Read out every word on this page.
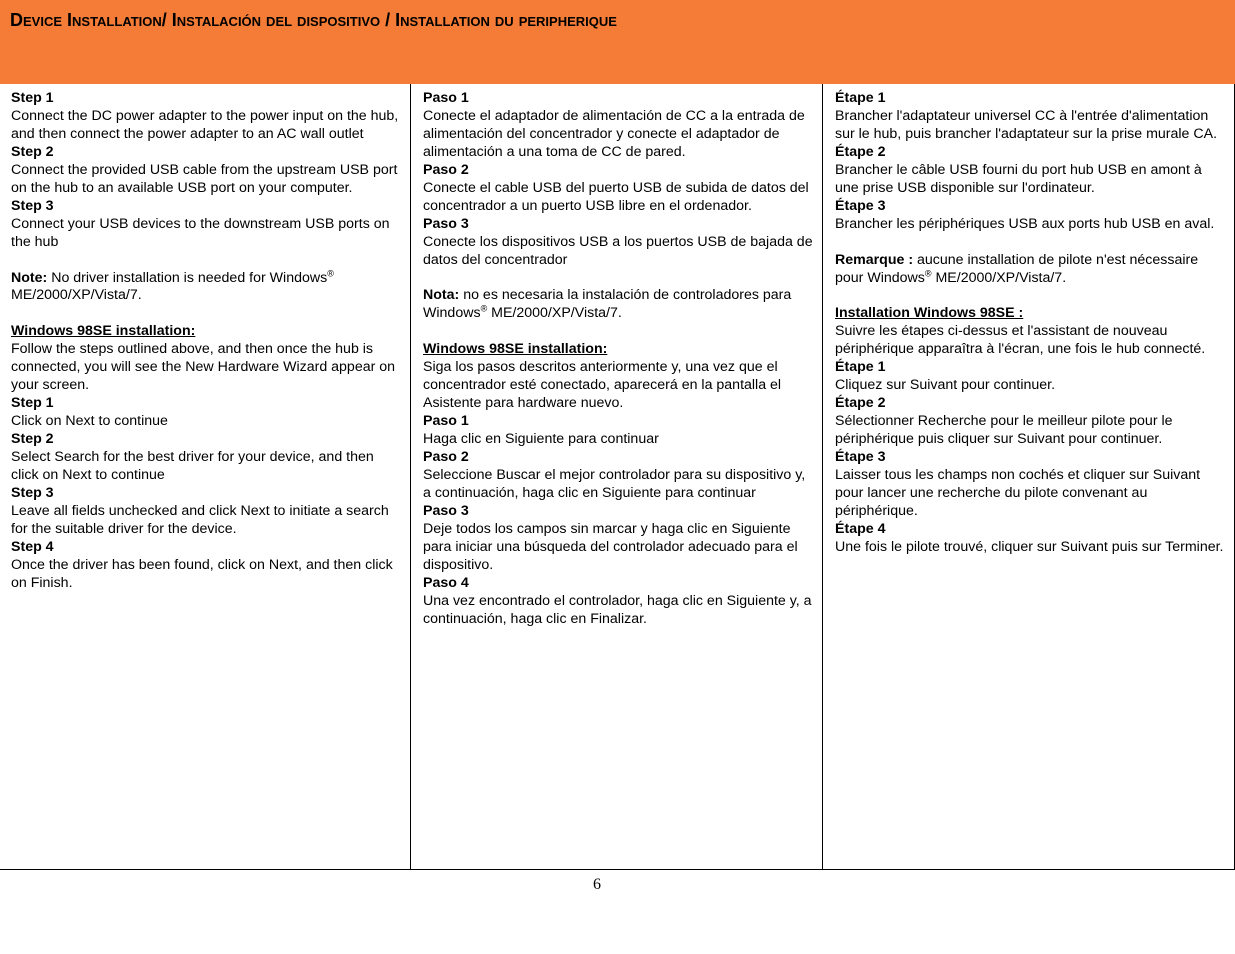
Device Installation/ Instalación del dispositivo / Installation du peripherique
Step 1
Connect the DC power adapter to the power input on the hub, and then connect the power adapter to an AC wall outlet
Step 2
Connect the provided USB cable from the upstream USB port on the hub to an available USB port on your computer.
Step 3
Connect your USB devices to the downstream USB ports on the hub
Note: No driver installation is needed for Windows®
ME/2000/XP/Vista/7.
Windows 98SE installation:
Follow the steps outlined above, and then once the hub is connected, you will see the New Hardware Wizard appear on your screen.
Step 1
Click on Next to continue
Step 2
Select Search for the best driver for your device, and then click on Next to continue
Step 3
Leave all fields unchecked and click Next to initiate a search for the suitable driver for the device.
Step 4
Once the driver has been found, click on Next, and then click on Finish.
Paso 1
Conecte el adaptador de alimentación de CC a la entrada de alimentación del concentrador y conecte el adaptador de alimentación a una toma de CC de pared.
Paso 2
Conecte el cable USB del puerto USB de subida de datos del concentrador a un puerto USB libre en el ordenador.
Paso 3
Conecte los dispositivos USB a los puertos USB de bajada de datos del concentrador
Nota: no es necesaria la instalación de controladores para Windows® ME/2000/XP/Vista/7.
Windows 98SE installation:
Siga los pasos descritos anteriormente y, una vez que el concentrador esté conectado, aparecerá en la pantalla el Asistente para hardware nuevo.
Paso 1
Haga clic en Siguiente para continuar
Paso 2
Seleccione Buscar el mejor controlador para su dispositivo y, a continuación, haga clic en Siguiente para continuar
Paso 3
Deje todos los campos sin marcar y haga clic en Siguiente para iniciar una búsqueda del controlador adecuado para el dispositivo.
Paso 4
Una vez encontrado el controlador, haga clic en Siguiente y, a continuación, haga clic en Finalizar.
Étape 1
Brancher l'adaptateur universel CC à l'entrée d'alimentation sur le hub, puis brancher l'adaptateur sur la prise murale CA.
Étape 2
Brancher le câble USB fourni du port hub USB en amont à une prise USB disponible sur l'ordinateur.
Étape 3
Brancher les périphériques USB aux ports hub USB en aval.
Remarque : aucune installation de pilote n'est nécessaire pour Windows® ME/2000/XP/Vista/7.
Installation Windows 98SE :
Suivre les étapes ci-dessus et l'assistant de nouveau périphérique apparaîtra à l'écran, une fois le hub connecté.
Étape 1
Cliquez sur Suivant pour continuer.
Étape 2
Sélectionner Recherche pour le meilleur pilote pour le périphérique puis cliquer sur Suivant pour continuer.
Étape 3
Laisser tous les champs non cochés et cliquer sur Suivant pour lancer une recherche du pilote convenant au périphérique.
Étape 4
Une fois le pilote trouvé, cliquer sur Suivant puis sur Terminer.
6
